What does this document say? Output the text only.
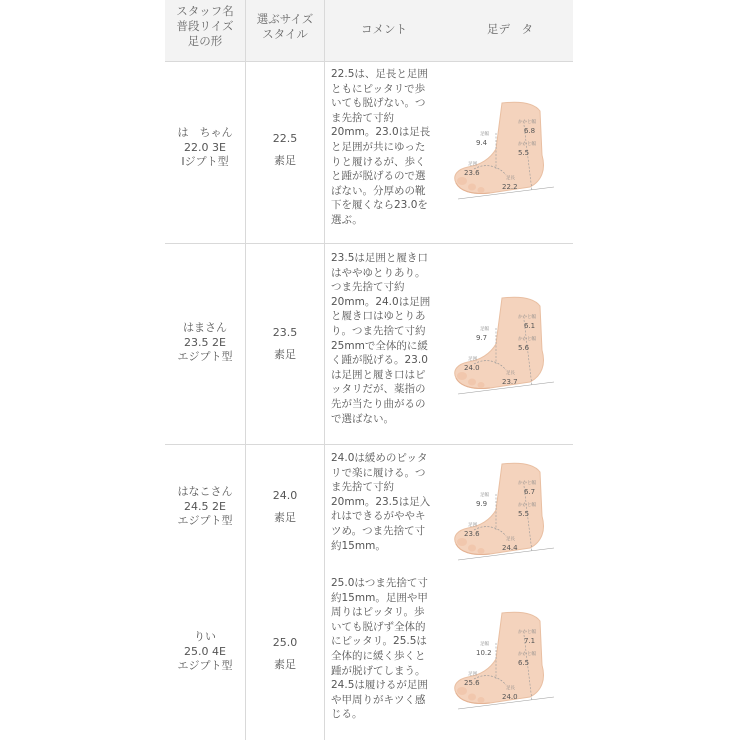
スタッフ名
普段リイズ
足の形
選ぶサイズ
スタイル	コメント	足デ　タ
は　ちゃん
22.0 3E
Iジプト型
22.5
素足
22.5は、足長と足囲
ともにピッタリで歩
いても脱げない。つ
ま先捨て寸約
20mm。23.0は足長
と足囲が共にゆった
りと履けるが、歩く
と踵が脱げるので選
ばない。分厚めの靴
下を履くなら23.0を
選ぶ。
足幅
9.4
かかと幅
6.8
かかと幅
5.5
足囲
23.6
足長
22.2
はまさん
23.5 2E
エジプト型
23.5
素足
23.5は足囲と履き口
はややゆとりあり。
つま先捨て寸約
20mm。24.0は足囲
と履き口はゆとりあ
り。つま先捨て寸約
25mmで全体的に緩
く踵が脱げる。23.0
は足囲と履き口はピ
ッタリだが、薬指の
先が当たり曲がるの
で選ばない。
足幅
9.7
かかと幅
6.1
かかと幅
5.6
足囲
24.0
足長
23.7
はなこさん
24.5 2E
エジプト型
24.0
素足
24.0は緩めのピッタ
リで楽に履ける。つ
ま先捨て寸約
20mm。23.5は足入
れはできるがややキ
ツめ。つま先捨て寸
約15mm。
足幅
9.9
かかと幅
6.7
かかと幅
5.5
足囲
23.6
足長
24.4
りい
25.0 4E
エジプト型
25.0
素足
25.0はつま先捨て寸
約15mm。足囲や甲
周りはピッタリ。歩
いても脱げず全体的
にピッタリ。25.5は
全体的に緩く歩くと
踵が脱げてしまう。
24.5は履けるが足囲
や甲周りがキツく感
じる。
足幅
10.2
かかと幅
7.1
かかと幅
6.5
足囲
25.6
足長
24.0
